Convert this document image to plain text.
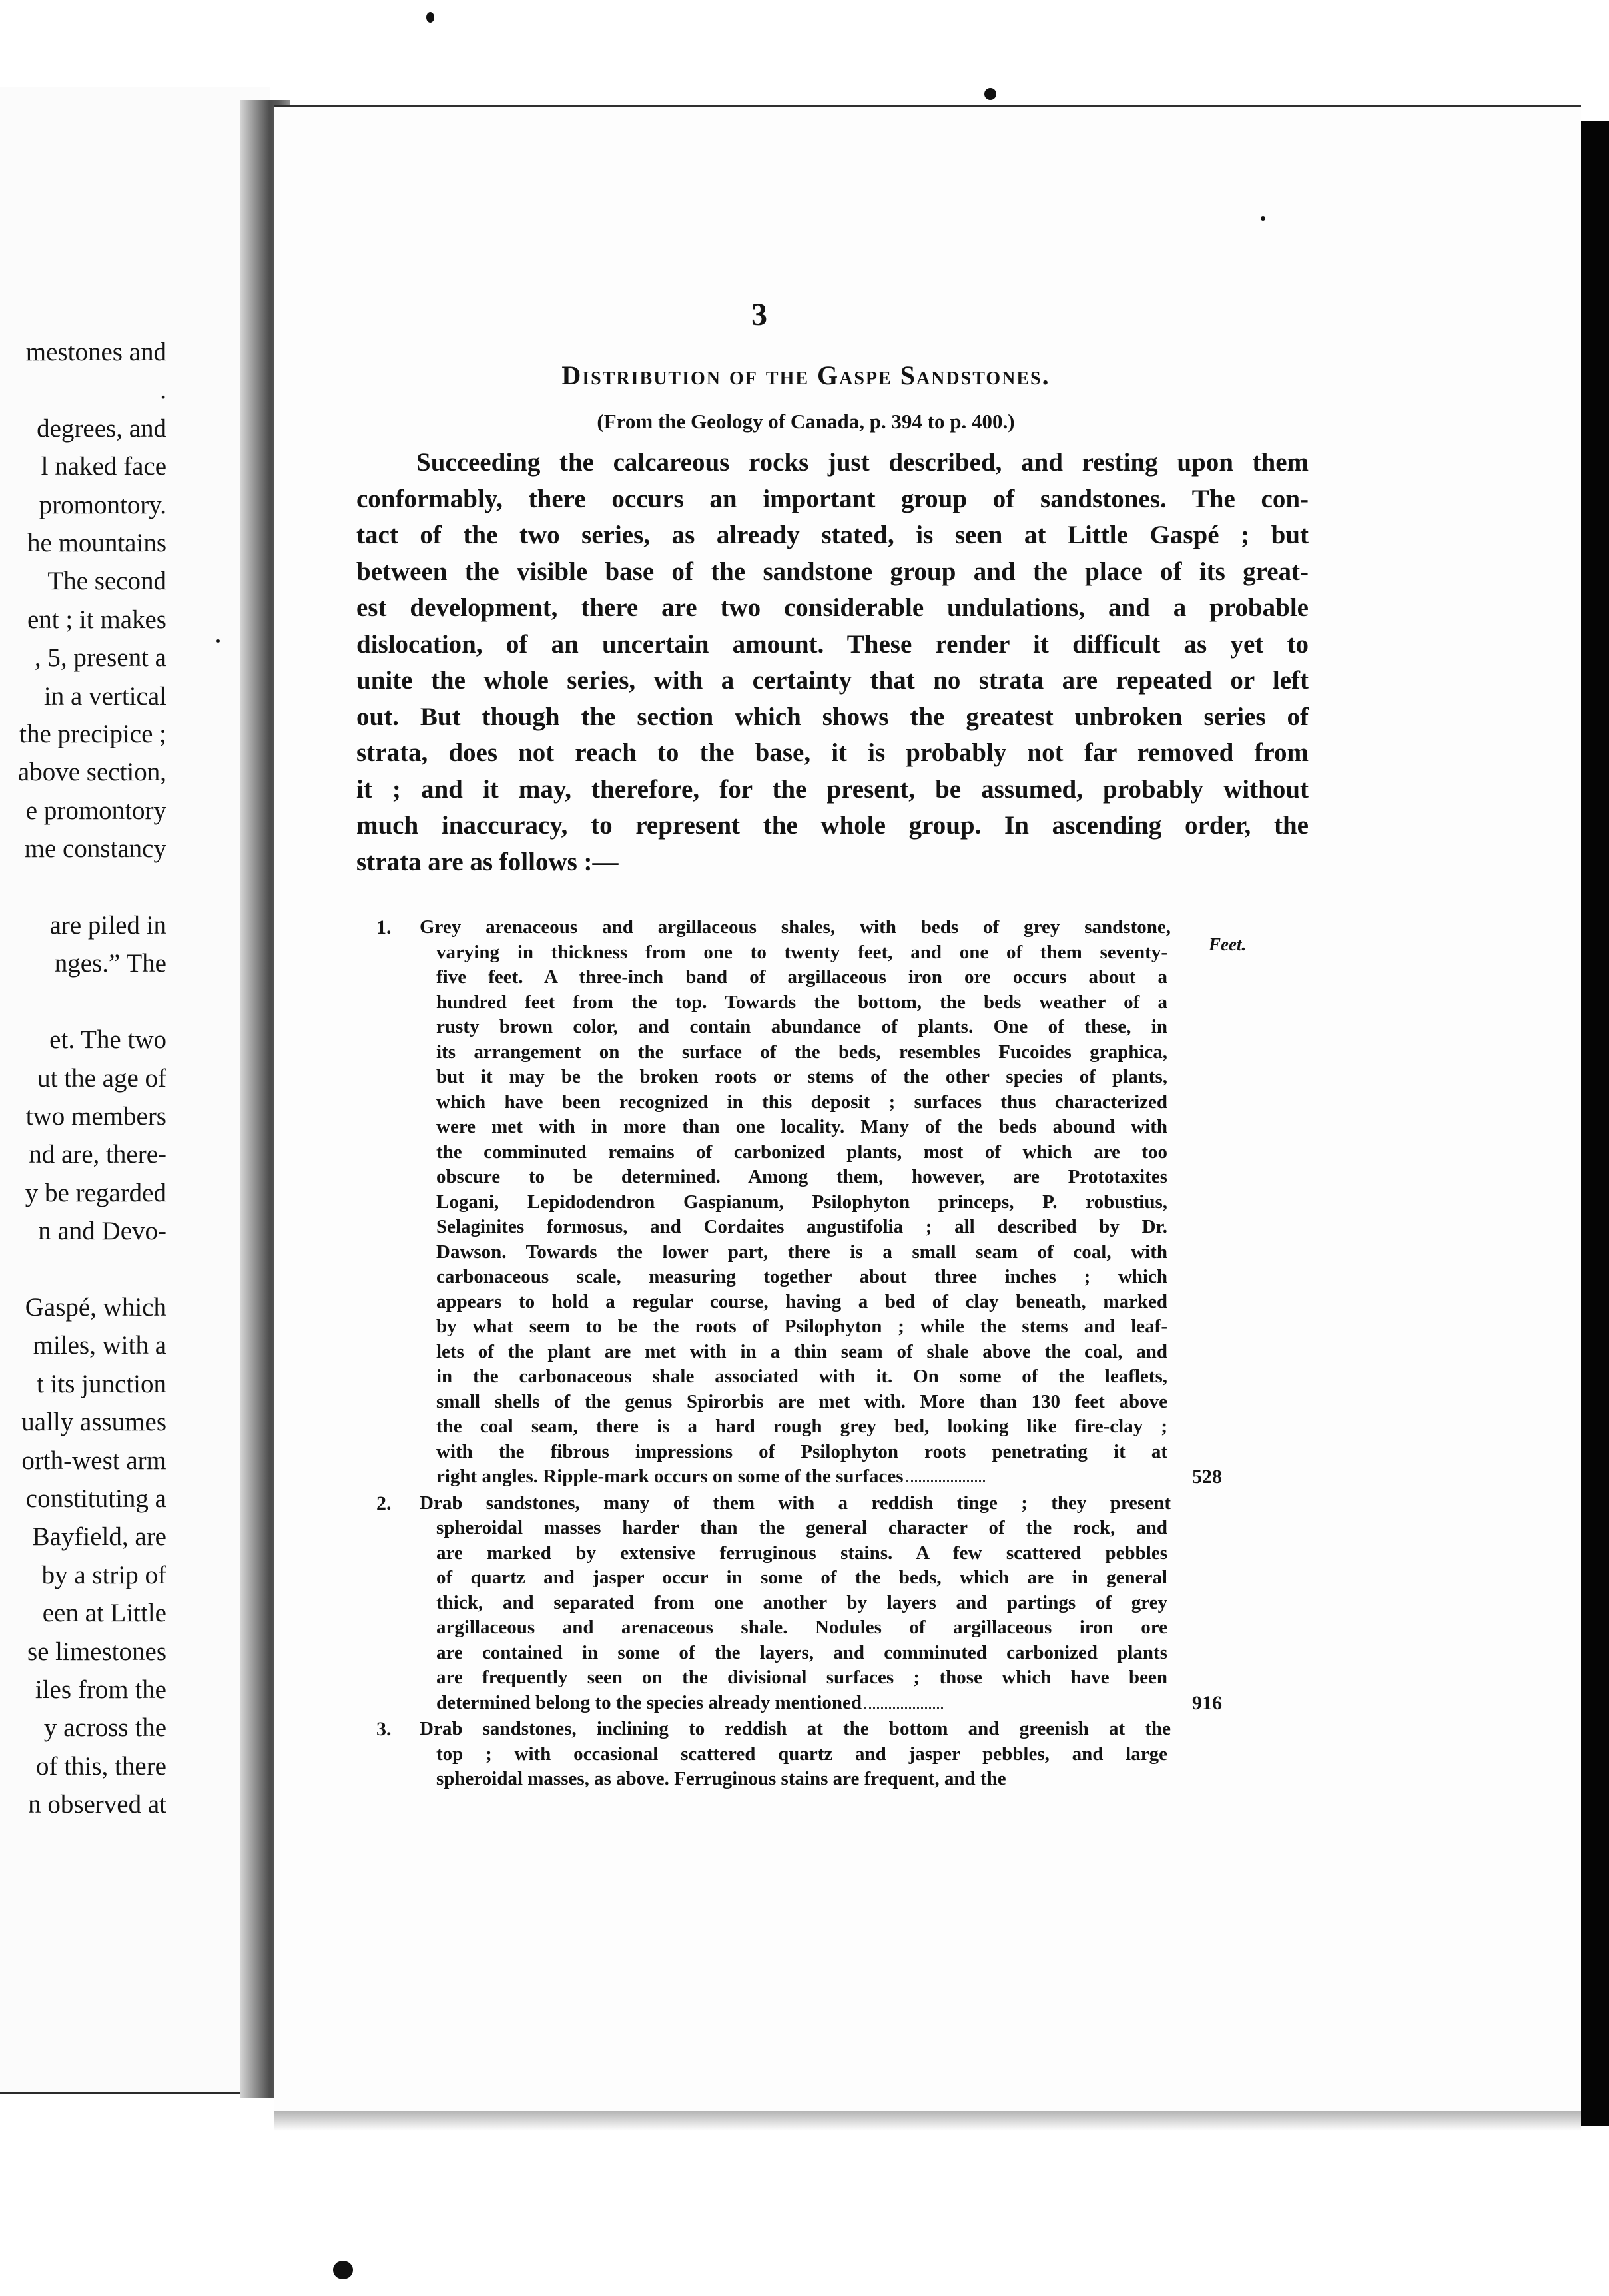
mestones and
.
degrees, and
l naked face
promontory.
he mountains
The second
ent ; it makes
, 5, present a
in a vertical
the precipice ;
above section,
e promontory
me constancy
are piled in
nges.” The
et. The two
ut the age of
two members
nd are, there-
y be regarded
n and Devo-
Gaspé, which
miles, with a
t its junction
ually assumes
orth-west arm
constituting a
Bayfield, are
by a strip of
een at Little
se limestones
iles from the
y across the
of this, there
n observed at
3
Distribution of the Gaspe Sandstones.
(From the Geology of Canada, p. 394 to p. 400.)
Succeeding the calcareous rocks just described, and resting upon them
conformably, there occurs an important group of sandstones. The con-
tact of the two series, as already stated, is seen at Little Gaspé ; but
between the visible base of the sandstone group and the place of its great-
est development, there are two considerable undulations, and a probable
dislocation, of an uncertain amount. These render it difficult as yet to
unite the whole series, with a certainty that no strata are repeated or left
out. But though the section which shows the greatest unbroken series of
strata, does not reach to the base, it is probably not far removed from
it ; and it may, therefore, for the present, be assumed, probably without
much inaccuracy, to represent the whole group. In ascending order, the
strata are as follows :—
Feet.
1. Grey arenaceous and argillaceous shales, with beds of grey sandstone,
varying in thickness from one to twenty feet, and one of them seventy-
five feet. A three-inch band of argillaceous iron ore occurs about a
hundred feet from the top. Towards the bottom, the beds weather of a
rusty brown color, and contain abundance of plants. One of these, in
its arrangement on the surface of the beds, resembles Fucoides graphica,
but it may be the broken roots or stems of the other species of plants,
which have been recognized in this deposit ; surfaces thus characterized
were met with in more than one locality. Many of the beds abound with
the comminuted remains of carbonized plants, most of which are too
obscure to be determined. Among them, however, are Prototaxites
Logani, Lepidodendron Gaspianum, Psilophyton princeps, P. robustius,
Selaginites formosus, and Cordaites angustifolia ; all described by Dr.
Dawson. Towards the lower part, there is a small seam of coal, with
carbonaceous scale, measuring together about three inches ; which
appears to hold a regular course, having a bed of clay beneath, marked
by what seem to be the roots of Psilophyton ; while the stems and leaf-
lets of the plant are met with in a thin seam of shale above the coal, and
in the carbonaceous shale associated with it. On some of the leaflets,
small shells of the genus Spirorbis are met with. More than 130 feet above
the coal seam, there is a hard rough grey bed, looking like fire-clay ;
with the fibrous impressions of Psilophyton roots penetrating it at
right angles. Ripple-mark occurs on some of the surfaces	528
2. Drab sandstones, many of them with a reddish tinge ; they present
spheroidal masses harder than the general character of the rock, and
are marked by extensive ferruginous stains. A few scattered pebbles
of quartz and jasper occur in some of the beds, which are in general
thick, and separated from one another by layers and partings of grey
argillaceous and arenaceous shale. Nodules of argillaceous iron ore
are contained in some of the layers, and comminuted carbonized plants
are frequently seen on the divisional surfaces ; those which have been
determined belong to the species already mentioned	916
3. Drab sandstones, inclining to reddish at the bottom and greenish at the
top ; with occasional scattered quartz and jasper pebbles, and large
spheroidal masses, as above. Ferruginous stains are frequent, and the
